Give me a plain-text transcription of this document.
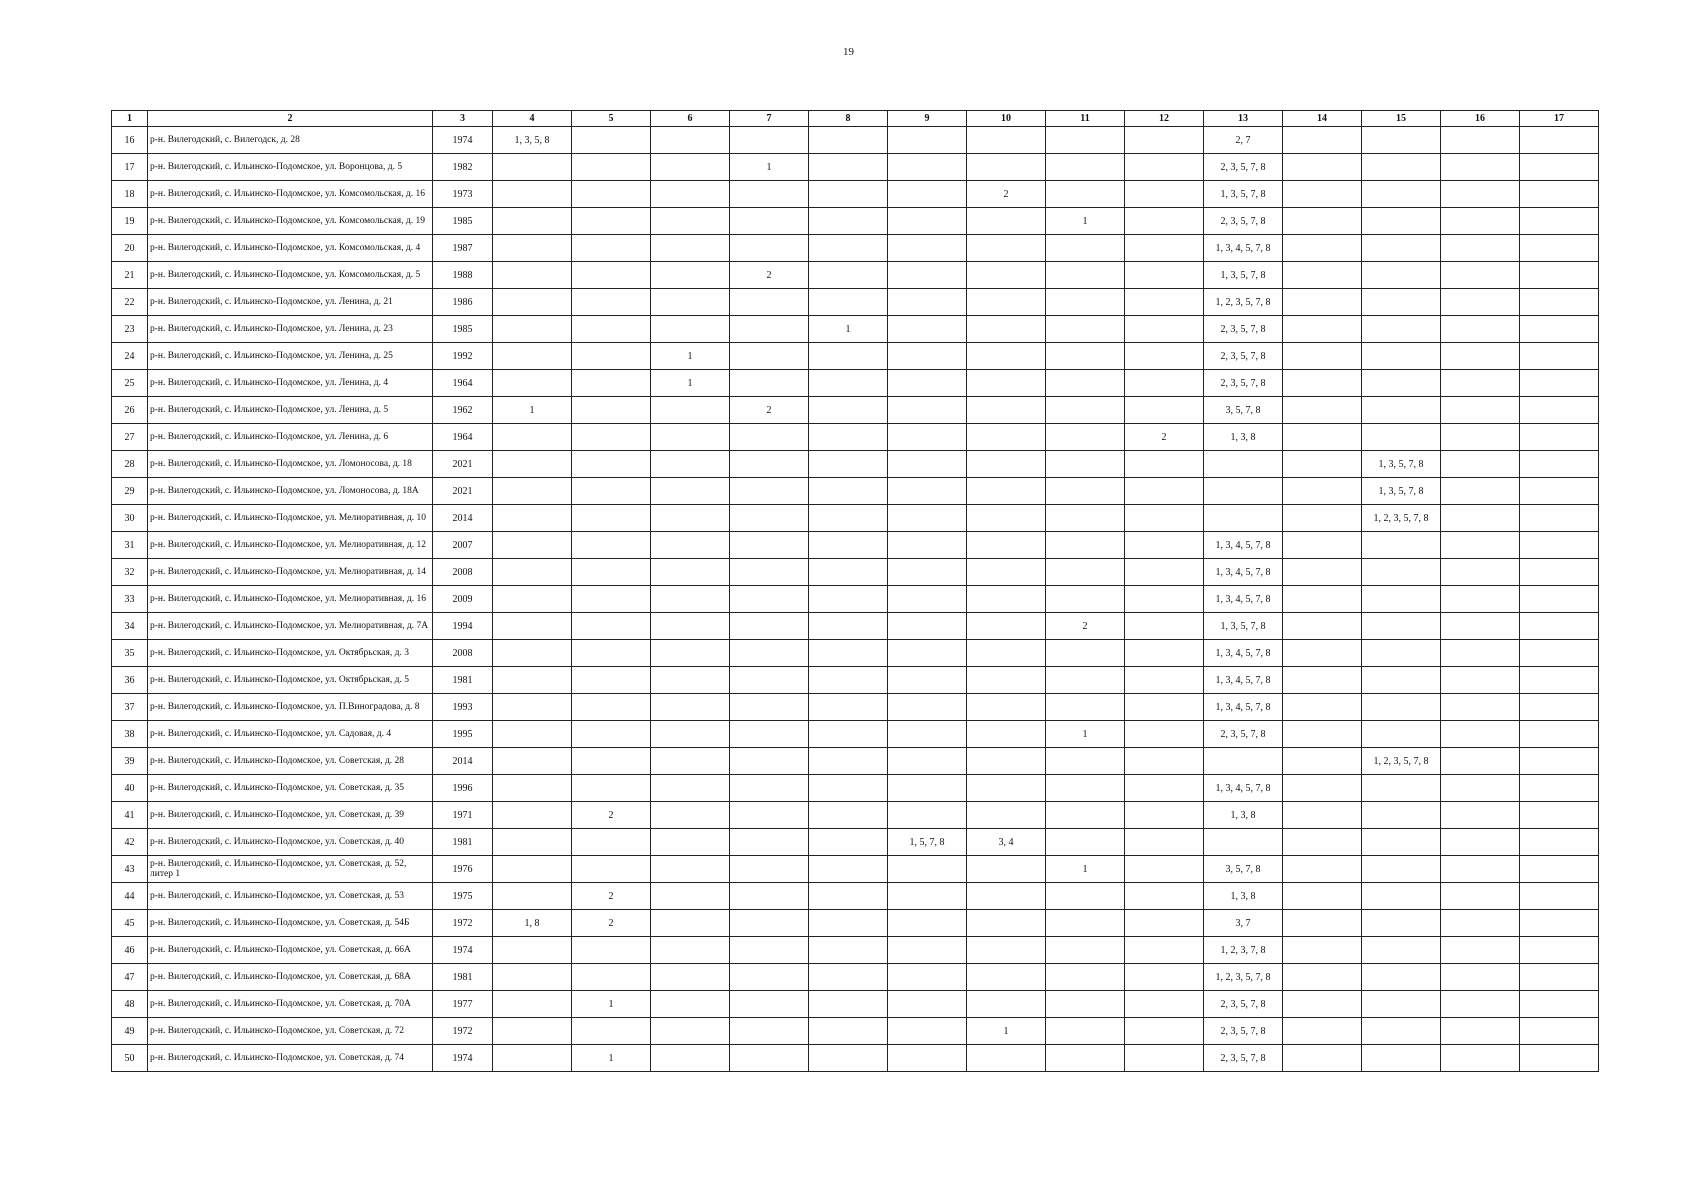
19
1	2	3	4	5	6	7	8	9	10	11	12	13	14	15	16	17
16	р-н. Вилегодский, с. Вилегодск, д. 28	1974	1, 3, 5, 8									2, 7				
17	р-н. Вилегодский, с. Ильинско-Подомское, ул. Воронцова, д. 5	1982				1						2, 3, 5, 7, 8				
18	р-н. Вилегодский, с. Ильинско-Подомское, ул. Комсомольская, д. 16	1973							2			1, 3, 5, 7, 8				
19	р-н. Вилегодский, с. Ильинско-Подомское, ул. Комсомольская, д. 19	1985								1		2, 3, 5, 7, 8				
20	р-н. Вилегодский, с. Ильинско-Подомское, ул. Комсомольская, д. 4	1987										1, 3, 4, 5, 7, 8				
21	р-н. Вилегодский, с. Ильинско-Подомское, ул. Комсомольская, д. 5	1988				2						1, 3, 5, 7, 8				
22	р-н. Вилегодский, с. Ильинско-Подомское, ул. Ленина, д. 21	1986										1, 2, 3, 5, 7, 8				
23	р-н. Вилегодский, с. Ильинско-Подомское, ул. Ленина, д. 23	1985					1					2, 3, 5, 7, 8				
24	р-н. Вилегодский, с. Ильинско-Подомское, ул. Ленина, д. 25	1992			1							2, 3, 5, 7, 8				
25	р-н. Вилегодский, с. Ильинско-Подомское, ул. Ленина, д. 4	1964			1							2, 3, 5, 7, 8				
26	р-н. Вилегодский, с. Ильинско-Подомское, ул. Ленина, д. 5	1962	1			2						3, 5, 7, 8				
27	р-н. Вилегодский, с. Ильинско-Подомское, ул. Ленина, д. 6	1964									2	1, 3, 8				
28	р-н. Вилегодский, с. Ильинско-Подомское, ул. Ломоносова, д. 18	2021												1, 3, 5, 7, 8		
29	р-н. Вилегодский, с. Ильинско-Подомское, ул. Ломоносова, д. 18А	2021												1, 3, 5, 7, 8		
30	р-н. Вилегодский, с. Ильинско-Подомское, ул. Мелиоративная, д. 10	2014												1, 2, 3, 5, 7, 8		
31	р-н. Вилегодский, с. Ильинско-Подомское, ул. Мелиоративная, д. 12	2007										1, 3, 4, 5, 7, 8				
32	р-н. Вилегодский, с. Ильинско-Подомское, ул. Мелиоративная, д. 14	2008										1, 3, 4, 5, 7, 8				
33	р-н. Вилегодский, с. Ильинско-Подомское, ул. Мелиоративная, д. 16	2009										1, 3, 4, 5, 7, 8				
34	р-н. Вилегодский, с. Ильинско-Подомское, ул. Мелиоративная, д. 7А	1994								2		1, 3, 5, 7, 8				
35	р-н. Вилегодский, с. Ильинско-Подомское, ул. Октябрьская, д. 3	2008										1, 3, 4, 5, 7, 8				
36	р-н. Вилегодский, с. Ильинско-Подомское, ул. Октябрьская, д. 5	1981										1, 3, 4, 5, 7, 8				
37	р-н. Вилегодский, с. Ильинско-Подомское, ул. П.Виноградова, д. 8	1993										1, 3, 4, 5, 7, 8				
38	р-н. Вилегодский, с. Ильинско-Подомское, ул. Садовая, д. 4	1995								1		2, 3, 5, 7, 8				
39	р-н. Вилегодский, с. Ильинско-Подомское, ул. Советская, д. 28	2014												1, 2, 3, 5, 7, 8		
40	р-н. Вилегодский, с. Ильинско-Подомское, ул. Советская, д. 35	1996										1, 3, 4, 5, 7, 8				
41	р-н. Вилегодский, с. Ильинско-Подомское, ул. Советская, д. 39	1971		2								1, 3, 8				
42	р-н. Вилегодский, с. Ильинско-Подомское, ул. Советская, д. 40	1981						1, 5, 7, 8	3, 4							
43	р-н. Вилегодский, с. Ильинско-Подомское, ул. Советская, д. 52, литер 1	1976								1		3, 5, 7, 8				
44	р-н. Вилегодский, с. Ильинско-Подомское, ул. Советская, д. 53	1975		2								1, 3, 8				
45	р-н. Вилегодский, с. Ильинско-Подомское, ул. Советская, д. 54Б	1972	1, 8	2								3, 7				
46	р-н. Вилегодский, с. Ильинско-Подомское, ул. Советская, д. 66А	1974										1, 2, 3, 7, 8				
47	р-н. Вилегодский, с. Ильинско-Подомское, ул. Советская, д. 68А	1981										1, 2, 3, 5, 7, 8				
48	р-н. Вилегодский, с. Ильинско-Подомское, ул. Советская, д. 70А	1977		1								2, 3, 5, 7, 8				
49	р-н. Вилегодский, с. Ильинско-Подомское, ул. Советская, д. 72	1972							1			2, 3, 5, 7, 8				
50	р-н. Вилегодский, с. Ильинско-Подомское, ул. Советская, д. 74	1974		1								2, 3, 5, 7, 8				
